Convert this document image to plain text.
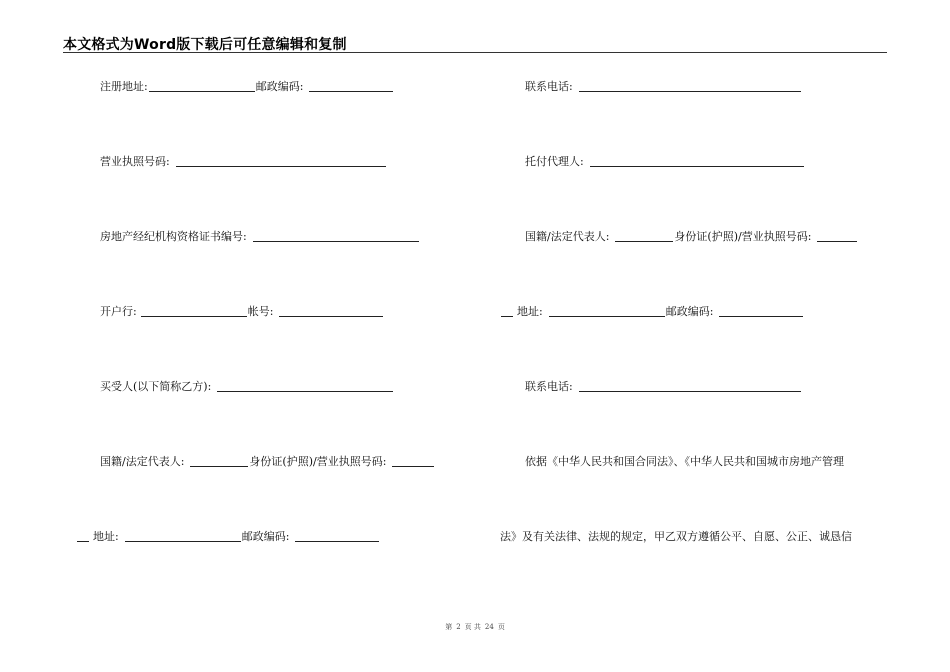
本文格式为Word版下载后可任意编辑和复制
注册地址:	邮政编码:
营业执照号码:
房地产经纪机构资格证书编号:
开户行:	帐号:
买受人(以下简称乙方):
国籍/法定代表人:	身份证(护照)/营业执照号码:
地址:	邮政编码:
联系电话:
托付代理人:
国籍/法定代表人:	身份证(护照)/营业执照号码:
地址:	邮政编码:
联系电话:
依据《中华人民共和国合同法》、《中华人民共和国城市房地产管理
法》及有关法律、法规的规定，甲乙双方遵循公平、自愿、公正、诚恳信
第 2 页 共 24 页
